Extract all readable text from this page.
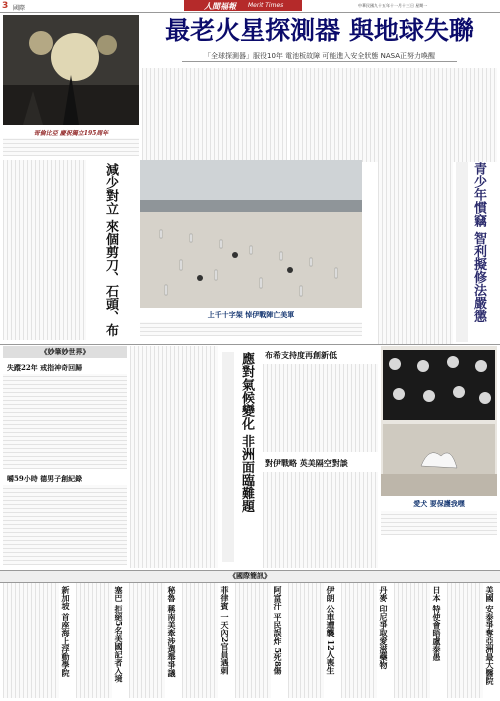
3 國際	人間福報 Merit Times	中華民國九十五年十一月十三日 星期一
哥倫比亞 慶祝獨立195周年
最老火星探測器 與地球失聯
「全球探測器」服役10年 電池板故障 可能進入安全狀態 NASA正努力喚醒
減少對立 來個剪刀、石頭、布	上千十字架 悼伊戰陣亡美軍	青少年慣竊 智利擬修法嚴懲
《妙筆妙世界》
失蹤22年 戒指神奇回歸
嚼59小時 德男子創紀錄	應對氣候變化 非洲面臨難題 布希支持度再創新低
對伊戰略 英美隔空對談
愛犬 要保護我嘿
《國際簡訊》
美國 安泰爭奪亞洲最大醫院
日本 特使會晤盧泰愚
丹麥 印尼爭取愛滋藥物
伊朗 公車遭襲 12人喪生
阿富汗 平民誤炸 5死8傷
菲律賓 一天內2官員遇刺
秘魯 稱南美牽涉選舉爭議
塞巴 拒絕5名美國記者入境
新加坡 首座海上浮動學院
